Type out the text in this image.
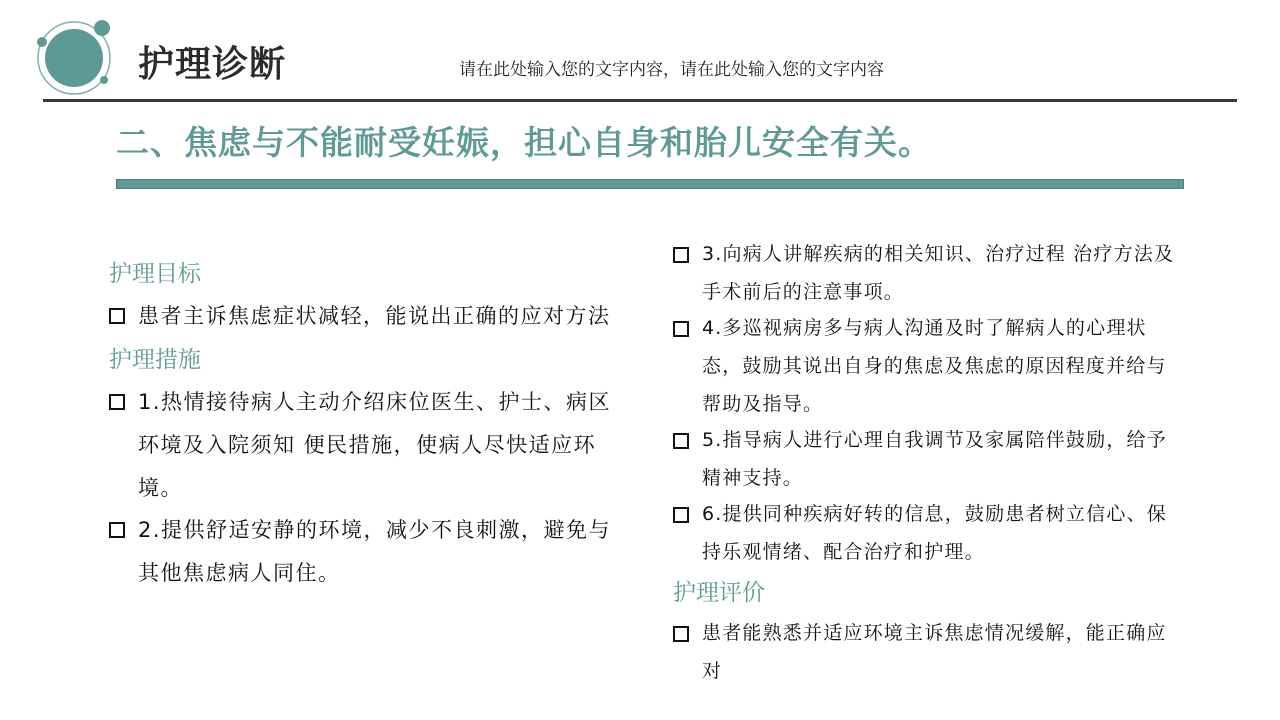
护理诊断	请在此处输入您的文字内容，请在此处输入您的文字内容
二、焦虑与不能耐受妊娠，担心自身和胎儿安全有关。
护理目标
患者主诉焦虑症状减轻，能说出正确的应对方法
护理措施
1.热情接待病人主动介绍床位医生、护士、病区环境及入院须知 便民措施，使病人尽快适应环境。
2.提供舒适安静的环境，减少不良刺激，避免与其他焦虑病人同住。
3.向病人讲解疾病的相关知识、治疗过程 治疗方法及手术前后的注意事项。
4.多巡视病房多与病人沟通及时了解病人的心理状态，鼓励其说出自身的焦虑及焦虑的原因程度并给与帮助及指导。
5.指导病人进行心理自我调节及家属陪伴鼓励，给予精神支持。
6.提供同种疾病好转的信息，鼓励患者树立信心、保持乐观情绪、配合治疗和护理。
护理评价
患者能熟悉并适应环境主诉焦虑情况缓解，能正确应对
